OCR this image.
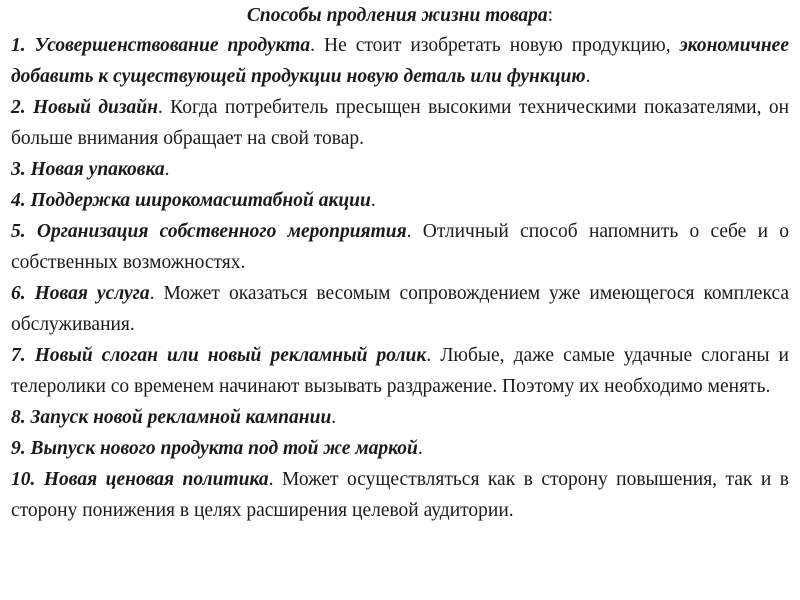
Способы продления жизни товара:

1. Усовершенствование продукта. Не стоит изобретать новую продукцию, экономичнее добавить к существующей продукции новую деталь или функцию.

2. Новый дизайн. Когда потребитель пресыщен высокими техническими показателями, он больше внимания обращает на свой товар.

3. Новая упаковка.

4. Поддержка широкомасштабной акции.

5. Организация собственного мероприятия. Отличный способ напомнить о себе и о собственных возможностях.

6. Новая услуга. Может оказаться весомым сопровождением уже имеющегося комплекса обслуживания.

7. Новый слоган или новый рекламный ролик. Любые, даже самые удачные слоганы и телеролики со временем начинают вызывать раздражение. Поэтому их необходимо менять.

8. Запуск новой рекламной кампании.

9. Выпуск нового продукта под той же маркой.

10. Новая ценовая политика. Может осуществляться как в сторону повышения, так и в сторону понижения в целях расширения целевой аудитории.
